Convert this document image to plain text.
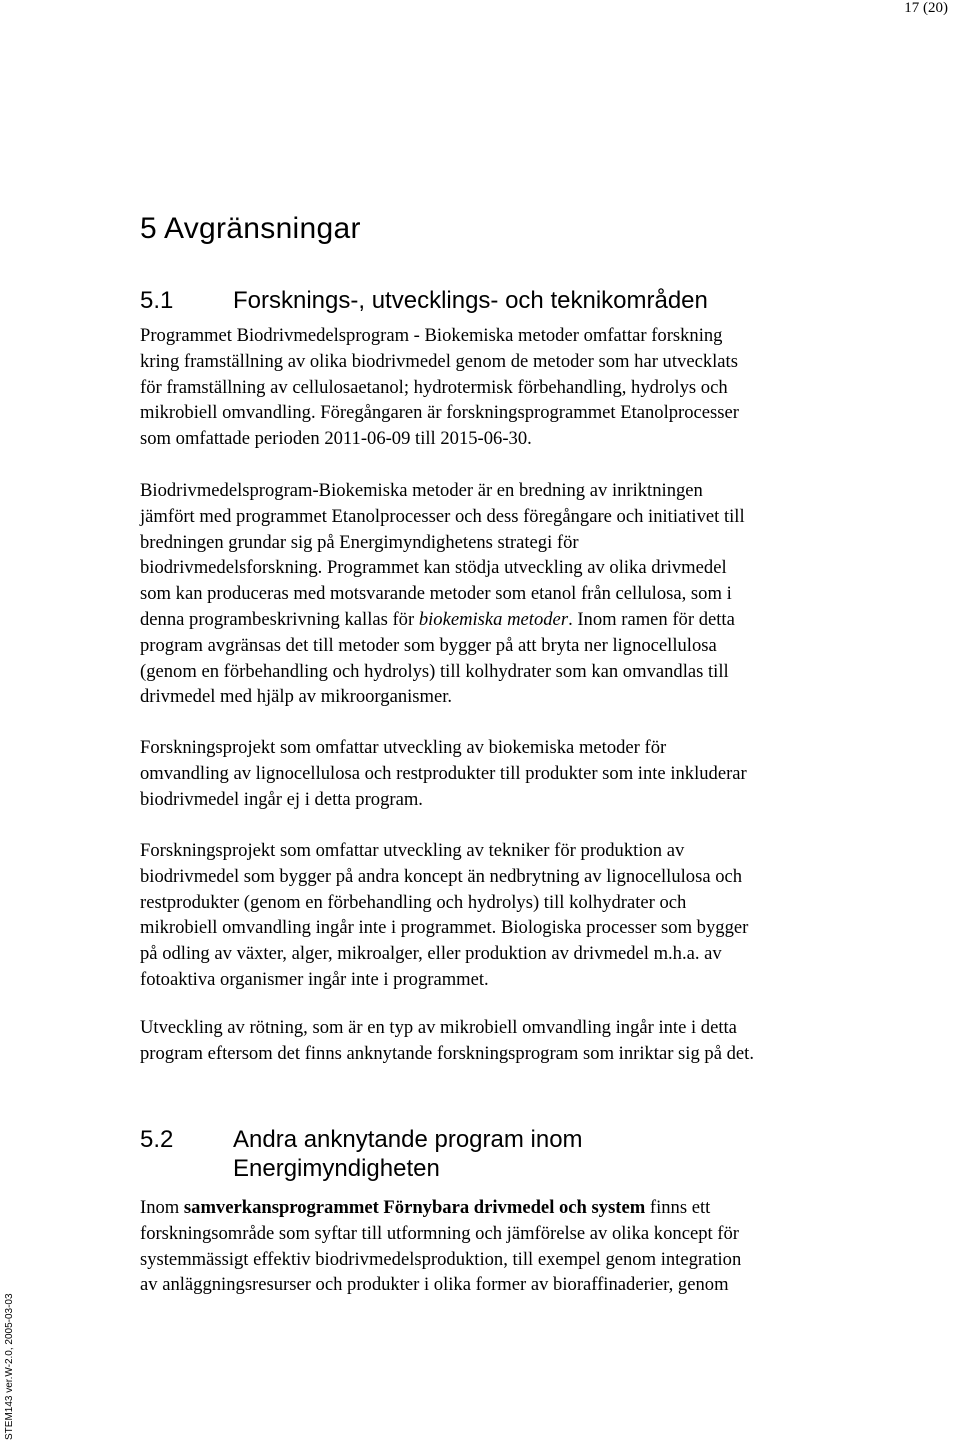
17 (20)
5 Avgränsningar
5.1 Forsknings-, utvecklings- och teknikområden
Programmet Biodrivmedelsprogram - Biokemiska metoder omfattar forskning
kring framställning av olika biodrivmedel genom de metoder som har utvecklats
för framställning av cellulosaetanol; hydrotermisk förbehandling, hydrolys och
mikrobiell omvandling. Föregångaren är forskningsprogrammet Etanolprocesser
som omfattade perioden 2011-06-09 till 2015-06-30.
Biodrivmedelsprogram-Biokemiska metoder är en bredning av inriktningen
jämfört med programmet Etanolprocesser och dess föregångare och initiativet till
bredningen grundar sig på Energimyndighetens strategi för
biodrivmedelsforskning. Programmet kan stödja utveckling av olika drivmedel
som kan produceras med motsvarande metoder som etanol från cellulosa, som i
denna programbeskrivning kallas för biokemiska metoder. Inom ramen för detta
program avgränsas det till metoder som bygger på att bryta ner lignocellulosa
(genom en förbehandling och hydrolys) till kolhydrater som kan omvandlas till
drivmedel med hjälp av mikroorganismer.
Forskningsprojekt som omfattar utveckling av biokemiska metoder för
omvandling av lignocellulosa och restprodukter till produkter som inte inkluderar
biodrivmedel ingår ej i detta program.
Forskningsprojekt som omfattar utveckling av tekniker för produktion av
biodrivmedel som bygger på andra koncept än nedbrytning av lignocellulosa och
restprodukter (genom en förbehandling och hydrolys) till kolhydrater och
mikrobiell omvandling ingår inte i programmet. Biologiska processer som bygger
på odling av växter, alger, mikroalger, eller produktion av drivmedel m.h.a. av
fotoaktiva organismer ingår inte i programmet.
Utveckling av rötning, som är en typ av mikrobiell omvandling ingår inte i detta
program eftersom det finns anknytande forskningsprogram som inriktar sig på det.
5.2 Andra anknytande program inom
Energimyndigheten
Inom samverkansprogrammet Förnybara drivmedel och system finns ett
forskningsområde som syftar till utformning och jämförelse av olika koncept för
systemmässigt effektiv biodrivmedelsproduktion, till exempel genom integration
av anläggningsresurser och produkter i olika former av bioraffinaderier, genom
STEM143 ver.W-2.0, 2005-03-03
